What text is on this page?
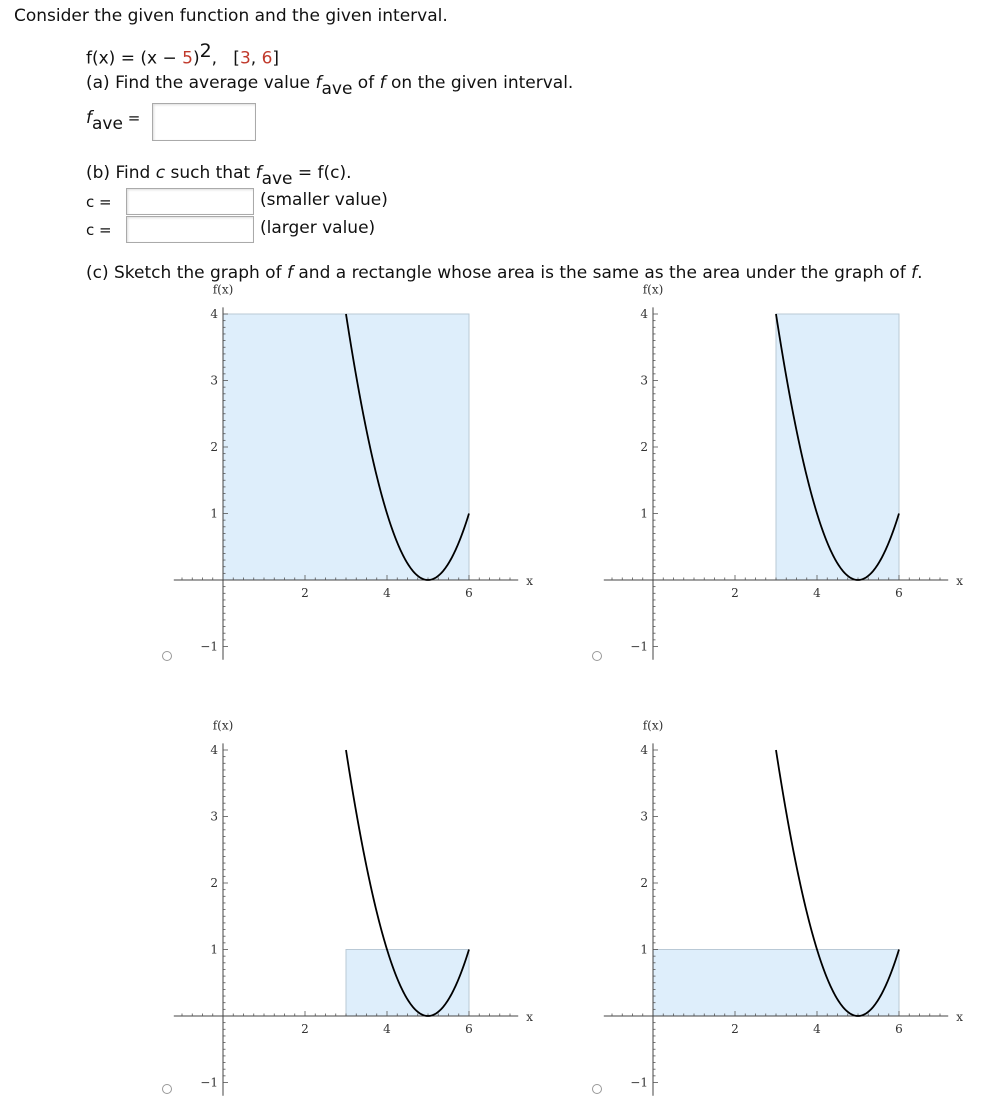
Consider the given function and the given interval.
$f(x) = (x - 5)^2$, [3, 6]
(a) Find the average value fave of f on the given interval.
fave =
(b) Find c such that fave = f(c).
c =	(smaller value)
c =	(larger value)
(c) Sketch the graph of f and a rectangle whose area is the same as the area under the graph of f.
2	4	6
−1
1
2
3
4
x
f(x)
2	4	6
−1
1
2
3
4
x
f(x)
2	4	6
−1
1
2
3
4
x
f(x)
2	4	6
−1
1
2
3
4
x
f(x)
